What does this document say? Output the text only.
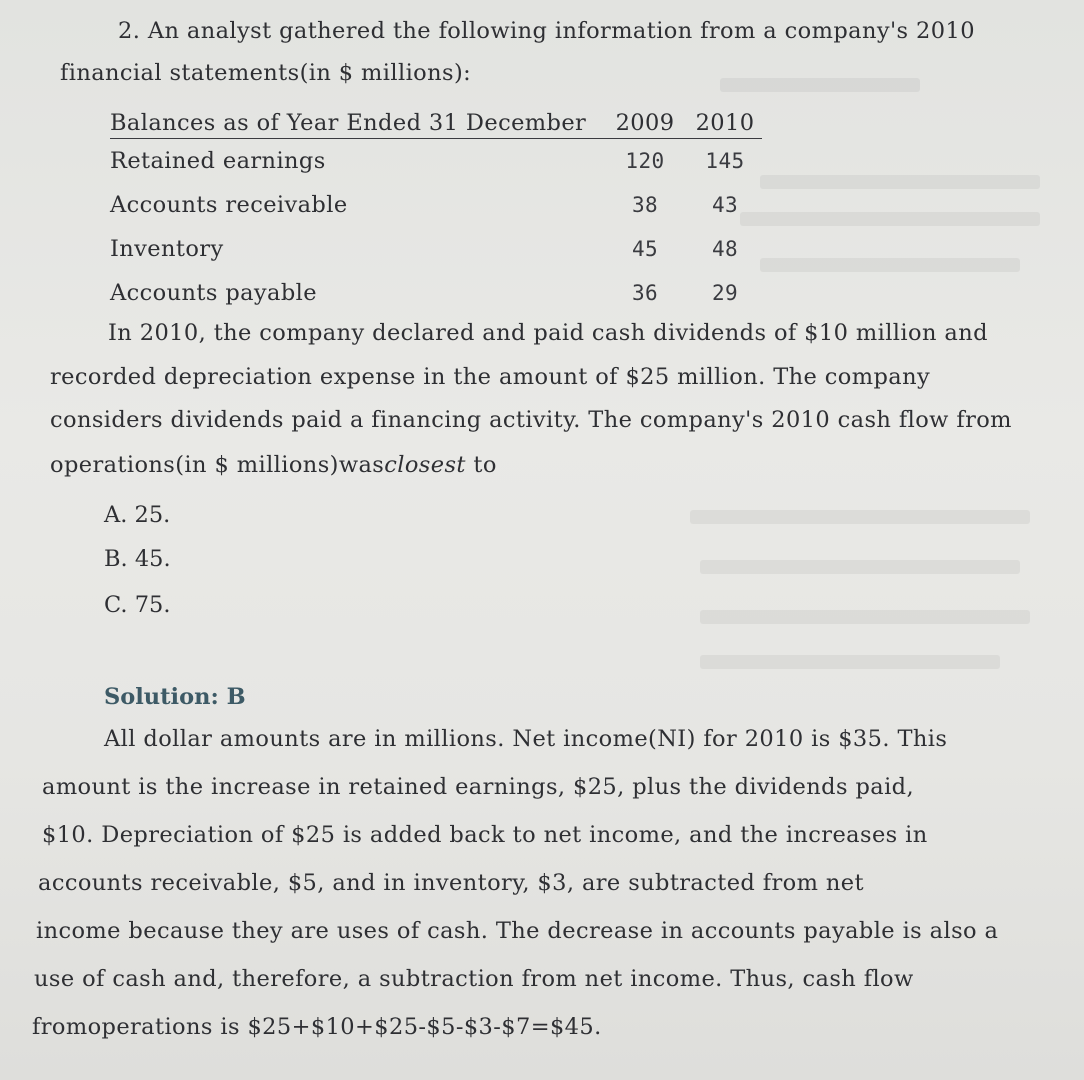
2. An analyst gathered the following information from a company's 2010
financial statements(in $ millions):
Balances as of Year Ended 31 December	2009	2010
Retained earnings	120	145
Accounts receivable	38	43
Inventory	45	48
Accounts payable	36	29
In 2010, the company declared and paid cash dividends of $10 million and
recorded depreciation expense in the amount of $25 million. The company
considers dividends paid a financing activity. The company's 2010 cash flow from
operations(in $ millions)wasclosest to
A. 25.
B. 45.
C. 75.
Solution: B
All dollar amounts are in millions. Net income(NI) for 2010 is $35. This
amount is the increase in retained earnings, $25, plus the dividends paid,
$10. Depreciation of $25 is added back to net income, and the increases in
accounts receivable, $5, and in inventory, $3, are subtracted from net
income because they are uses of cash. The decrease in accounts payable is also a
use of cash and, therefore, a subtraction from net income. Thus, cash flow
fromoperations is $25+$10+$25-$5-$3-$7=$45.
